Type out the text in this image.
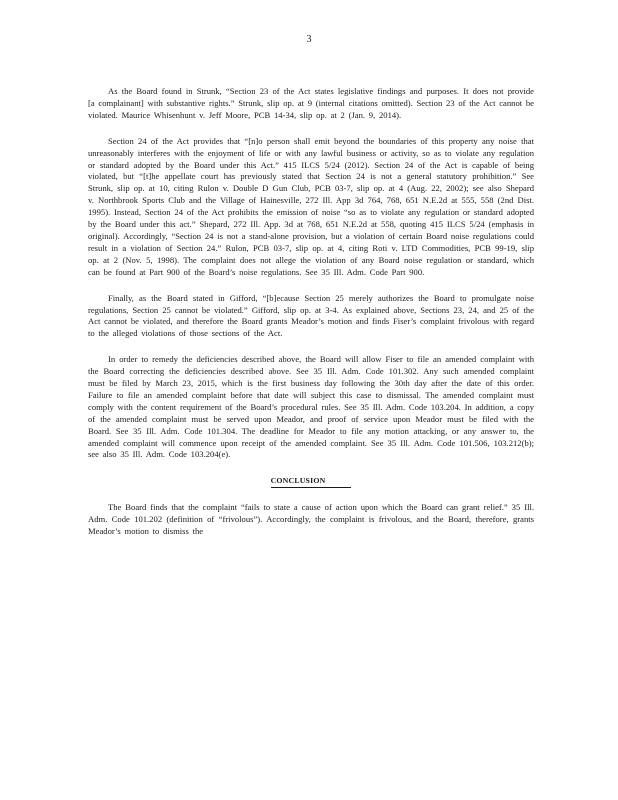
3

As the Board found in Strunk, “Section 23 of the Act states legislative findings and purposes. It does not provide [a complainant] with substantive rights.” Strunk, slip op. at 9 (internal citations omitted). Section 23 of the Act cannot be violated. Maurice Whisenhunt v. Jeff Moore, PCB 14-34, slip op. at 2 (Jan. 9, 2014).

Section 24 of the Act provides that “[n]o person shall emit beyond the boundaries of this property any noise that unreasonably interferes with the enjoyment of life or with any lawful business or activity, so as to violate any regulation or standard adopted by the Board under this Act.” 415 ILCS 5/24 (2012). Section 24 of the Act is capable of being violated, but “[t]he appellate court has previously stated that Section 24 is not a general statutory prohibition.” See Strunk, slip op. at 10, citing Rulon v. Double D Gun Club, PCB 03-7, slip op. at 4 (Aug. 22, 2002); see also Shepard v. Northbrook Sports Club and the Village of Hainesville, 272 Ill. App 3d 764, 768, 651 N.E.2d at 555, 558 (2nd Dist. 1995). Instead, Section 24 of the Act prohibits the emission of noise “so as to violate any regulation or standard adopted by the Board under this act.” Shepard, 272 Ill. App. 3d at 768, 651 N.E.2d at 558, quoting 415 ILCS 5/24 (emphasis in original). Accordingly, “Section 24 is not a stand-alone provision, but a violation of certain Board noise regulations could result in a violation of Section 24.” Rulon, PCB 03-7, slip op. at 4, citing Roti v. LTD Commodities, PCB 99-19, slip op. at 2 (Nov. 5, 1998). The complaint does not allege the violation of any Board noise regulation or standard, which can be found at Part 900 of the Board’s noise regulations. See 35 Ill. Adm. Code Part 900.

Finally, as the Board stated in Gifford, “[b]ecause Section 25 merely authorizes the Board to promulgate noise regulations, Section 25 cannot be violated.” Gifford, slip op. at 3-4. As explained above, Sections 23, 24, and 25 of the Act cannot be violated, and therefore the Board grants Meador’s motion and finds Fiser’s complaint frivolous with regard to the alleged violations of those sections of the Act.

In order to remedy the deficiencies described above, the Board will allow Fiser to file an amended complaint with the Board correcting the deficiencies described above. See 35 Ill. Adm. Code 101.302. Any such amended complaint must be filed by March 23, 2015, which is the first business day following the 30th day after the date of this order. Failure to file an amended complaint before that date will subject this case to dismissal. The amended complaint must comply with the content requirement of the Board’s procedural rules. See 35 Ill. Adm. Code 103.204. In addition, a copy of the amended complaint must be served upon Meador, and proof of service upon Meador must be filed with the Board. See 35 Ill. Adm. Code 101.304. The deadline for Meador to file any motion attacking, or any answer to, the amended complaint will commence upon receipt of the amended complaint. See 35 Ill. Adm. Code 101.506, 103.212(b); see also 35 Ill. Adm. Code 103.204(e).

CONCLUSION

The Board finds that the complaint “fails to state a cause of action upon which the Board can grant relief.” 35 Ill. Adm. Code 101.202 (definition of “frivolous”). Accordingly, the complaint is frivolous, and the Board, therefore, grants Meador’s motion to dismiss the
